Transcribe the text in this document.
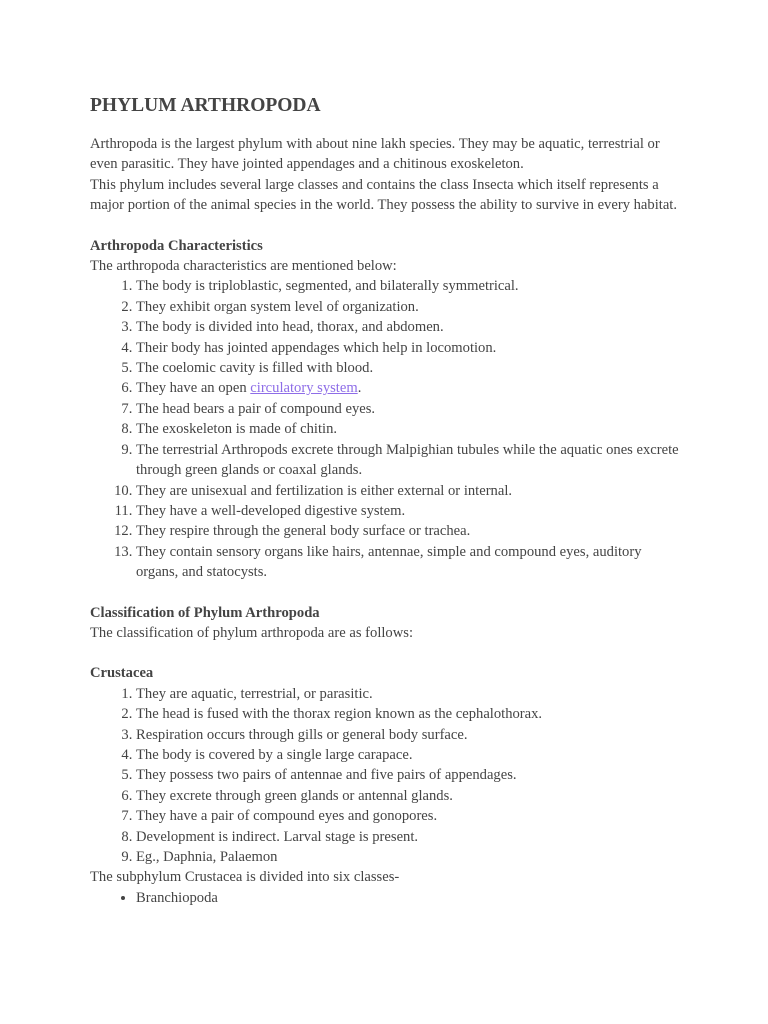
PHYLUM ARTHROPODA

Arthropoda is the largest phylum with about nine lakh species. They may be aquatic, terrestrial or even parasitic. They have jointed appendages and a chitinous exoskeleton.

This phylum includes several large classes and contains the class Insecta which itself represents a major portion of the animal species in the world. They possess the ability to survive in every habitat.

Arthropoda Characteristics

The arthropoda characteristics are mentioned below:

1. The body is triploblastic, segmented, and bilaterally symmetrical.
2. They exhibit organ system level of organization.
3. The body is divided into head, thorax, and abdomen.
4. Their body has jointed appendages which help in locomotion.
5. The coelomic cavity is filled with blood.
6. They have an open circulatory system.
7. The head bears a pair of compound eyes.
8. The exoskeleton is made of chitin.
9. The terrestrial Arthropods excrete through Malpighian tubules while the aquatic ones excrete through green glands or coaxal glands.
10. They are unisexual and fertilization is either external or internal.
11. They have a well-developed digestive system.
12. They respire through the general body surface or trachea.
13. They contain sensory organs like hairs, antennae, simple and compound eyes, auditory organs, and statocysts.

Classification of Phylum Arthropoda

The classification of phylum arthropoda are as follows:

Crustacea

1. They are aquatic, terrestrial, or parasitic.
2. The head is fused with the thorax region known as the cephalothorax.
3. Respiration occurs through gills or general body surface.
4. The body is covered by a single large carapace.
5. They possess two pairs of antennae and five pairs of appendages.
6. They excrete through green glands or antennal glands.
7. They have a pair of compound eyes and gonopores.
8. Development is indirect. Larval stage is present.
9. Eg., Daphnia, Palaemon

The subphylum Crustacea is divided into six classes-

• Branchiopoda
